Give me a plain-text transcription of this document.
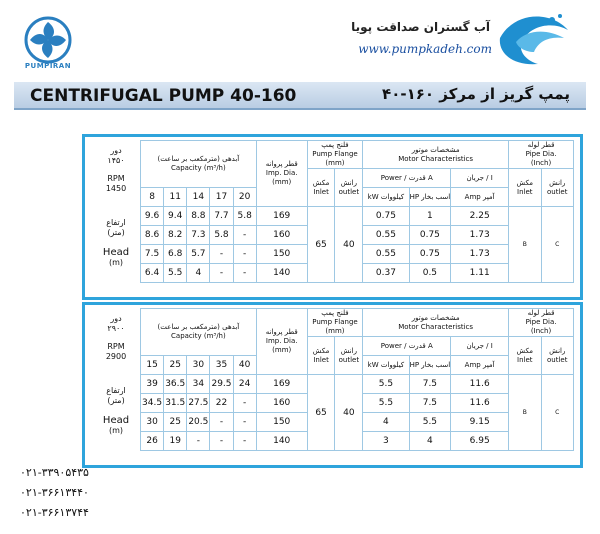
PUMPIRAN
آب گستران صداقت پویا
www.pumpkadeh.com
CENTRIFUGAL PUMP 40-160	پمپ گریز از مرکز ۱۶۰-۴۰
دور
۱۴۵۰
RPM
1450
ارتفاع
(متر)
Head
(m)
دور
۲۹۰۰
RPM
2900
ارتفاع
(متر)
Head
(m)
آبدهی (مترمکعب بر ساعت)
Capacity (m³/h)					قطر پروانه
Imp. Dia.
(mm)	فلنج پمپ
Pump Flange
(mm)		مشخصات موتور
Motor Characteristics			قطر لوله
Pipe Dia.
(Inch)	
						مکش
Inlet	رانش
outlet	Power / قدرت A		جریان / I	مکش
Inlet	رانش
outlet
8	11	14	17	20				kW کیلووات	HP اسب بخار	Amp آمپر		
9.6	9.4	8.8	7.7	5.8	169	65	40	0.75	1	2.25	B	C
8.6	8.2	7.3	5.8	-	160			0.55	0.75	1.73		
7.5	6.8	5.7	-	-	150			0.55	0.75	1.73		
6.4	5.5	4	-	-	140			0.37	0.5	1.11		
آبدهی (مترمکعب بر ساعت)
Capacity (m³/h)					قطر پروانه
Imp. Dia.
(mm)	فلنج پمپ
Pump Flange
(mm)		مشخصات موتور
Motor Characteristics			قطر لوله
Pipe Dia.
(Inch)	
						مکش
Inlet	رانش
outlet	Power / قدرت A		جریان / I	مکش
Inlet	رانش
outlet
15	25	30	35	40				kW کیلووات	HP اسب بخار	Amp آمپر		
39	36.5	34	29.5	24	169	65	40	5.5	7.5	11.6	B	C
34.5	31.5	27.5	22	-	160			5.5	7.5	11.6		
30	25	20.5	-	-	150			4	5.5	9.15		
26	19	-	-	-	140			3	4	6.95		
۰۲۱-۳۳۹۰۵۴۳۵
۰۲۱-۳۶۶۱۳۴۴۰
۰۲۱-۳۶۶۱۳۷۴۴
